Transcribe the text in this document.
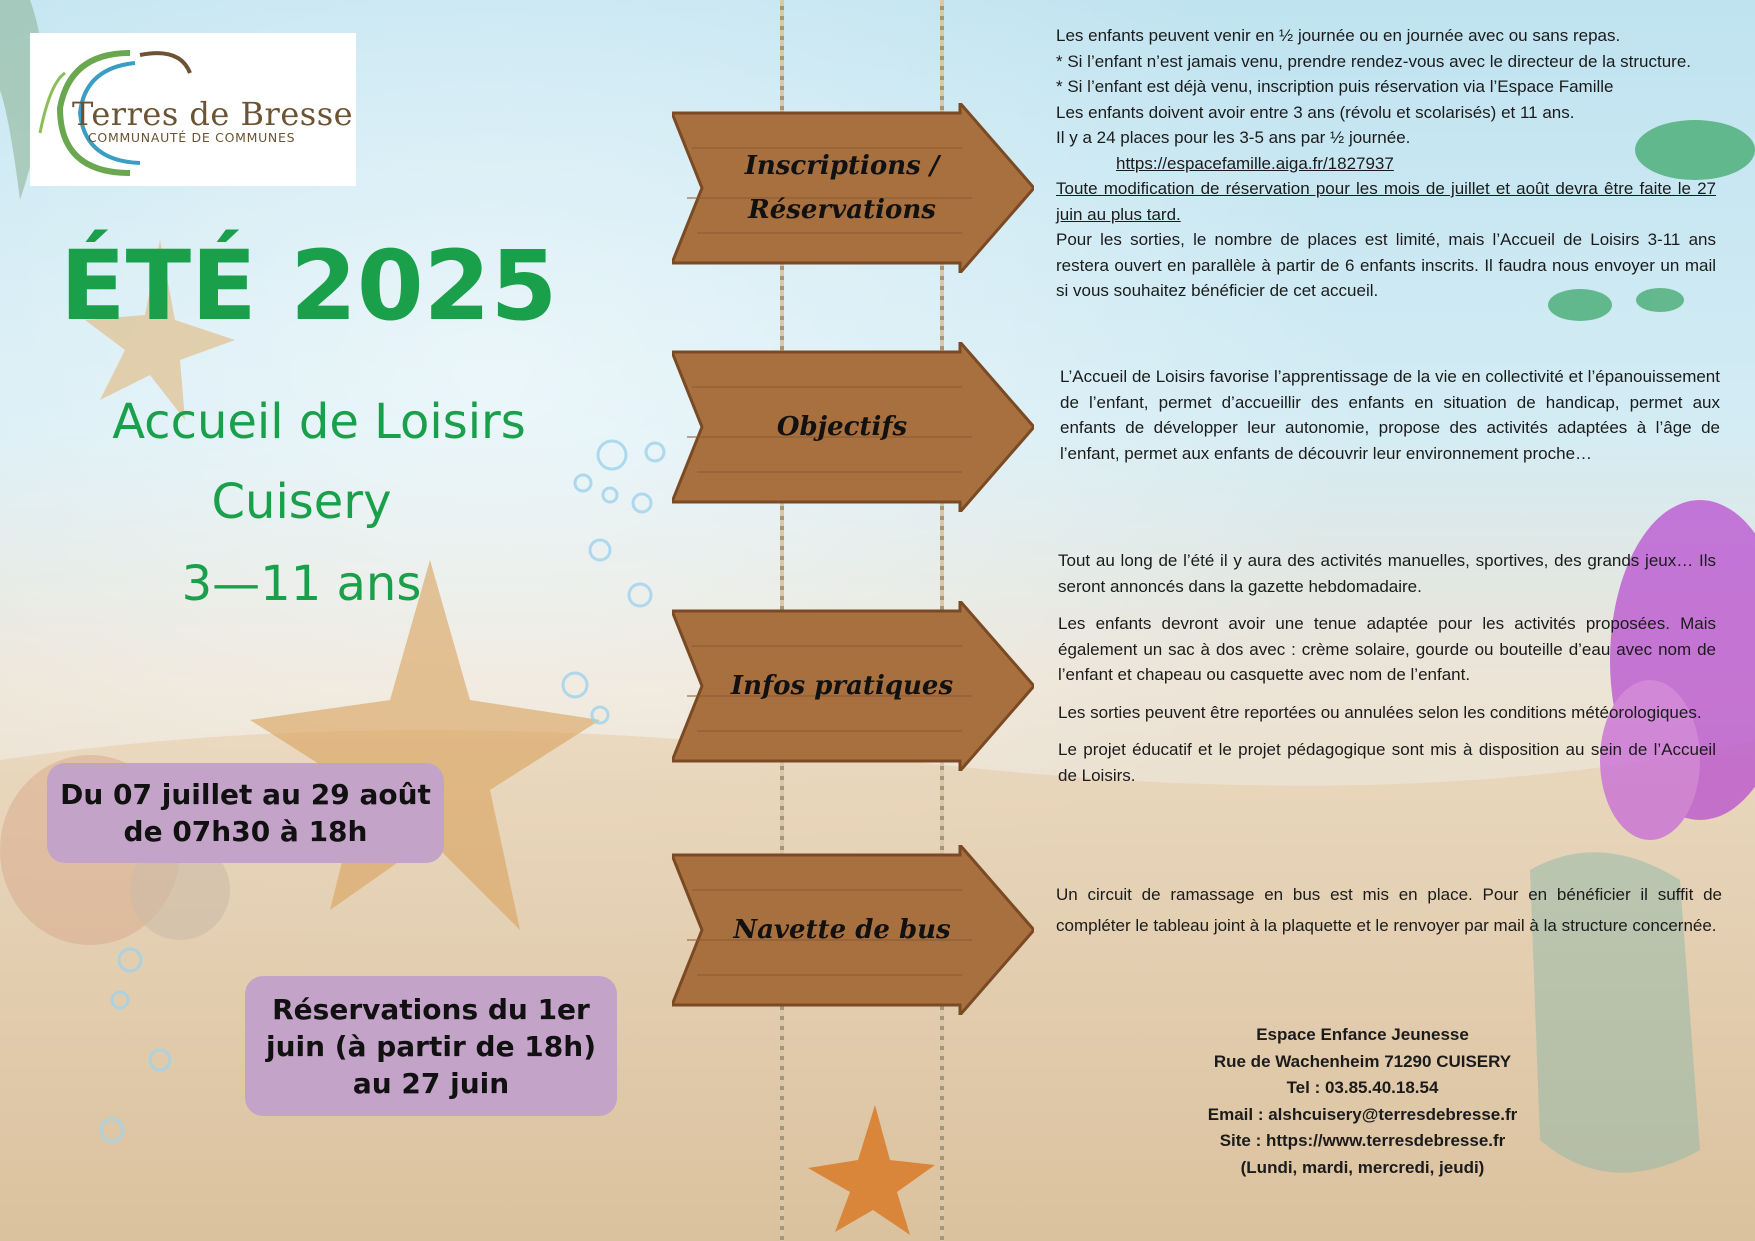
Terres de Bresse
COMMUNAUTÉ DE COMMUNES
ÉTÉ 2025
Accueil de Loisirs
Cuisery
3—11 ans
Du 07 juillet au 29 août
de 07h30 à 18h
Réservations du 1er
juin (à partir de 18h)
au 27 juin
Inscriptions /
Réservations
Objectifs
Infos pratiques
Navette de bus

Les enfants peuvent venir en ½ journée ou en journée avec ou sans repas.

* Si l’enfant n’est jamais venu, prendre rendez-vous avec le directeur de la structure.

* Si l’enfant est déjà venu, inscription puis réservation via l’Espace Famille

Les enfants doivent avoir entre 3 ans (révolu et scolarisés) et 11 ans.

Il y a 24 places pour les 3-5 ans par ½ journée.

https://espacefamille.aiga.fr/1827937

Toute modification de réservation pour les mois de juillet et août devra être faite le 27 juin au plus tard.

Pour les sorties, le nombre de places est limité, mais l’Accueil de Loisirs 3-11 ans restera ouvert en parallèle à partir de 6 enfants inscrits. Il faudra nous envoyer un mail si vous souhaitez bénéficier de cet accueil.

L’Accueil de Loisirs favorise l’apprentissage de la vie en collectivité et l’épanouissement de l’enfant, permet d’accueillir des enfants en situation de handicap, permet aux enfants de développer leur autonomie, propose des activités adaptées à l’âge de l’enfant, permet aux enfants de découvrir leur environnement proche…

Tout au long de l’été il y aura des activités manuelles, sportives, des grands jeux… Ils seront annoncés dans la gazette hebdomadaire.

Les enfants devront avoir une tenue adaptée pour les activités proposées. Mais également un sac à dos avec : crème solaire, gourde ou bouteille d’eau avec nom de l’enfant et chapeau ou casquette avec nom de l’enfant.

Les sorties peuvent être reportées ou annulées selon les conditions météorologiques.

Le projet éducatif et le projet pédagogique sont mis à disposition au sein de l’Accueil de Loisirs.

Un circuit de ramassage en bus est mis en place. Pour en bénéficier il suffit de compléter le tableau joint à la plaquette et le renvoyer par mail à la structure concernée.

Espace Enfance Jeunesse
Rue de Wachenheim 71290 CUISERY
Tel : 03.85.40.18.54
Email : alshcuisery@terresdebresse.fr
Site : https://www.terresdebresse.fr
(Lundi, mardi, mercredi, jeudi)
